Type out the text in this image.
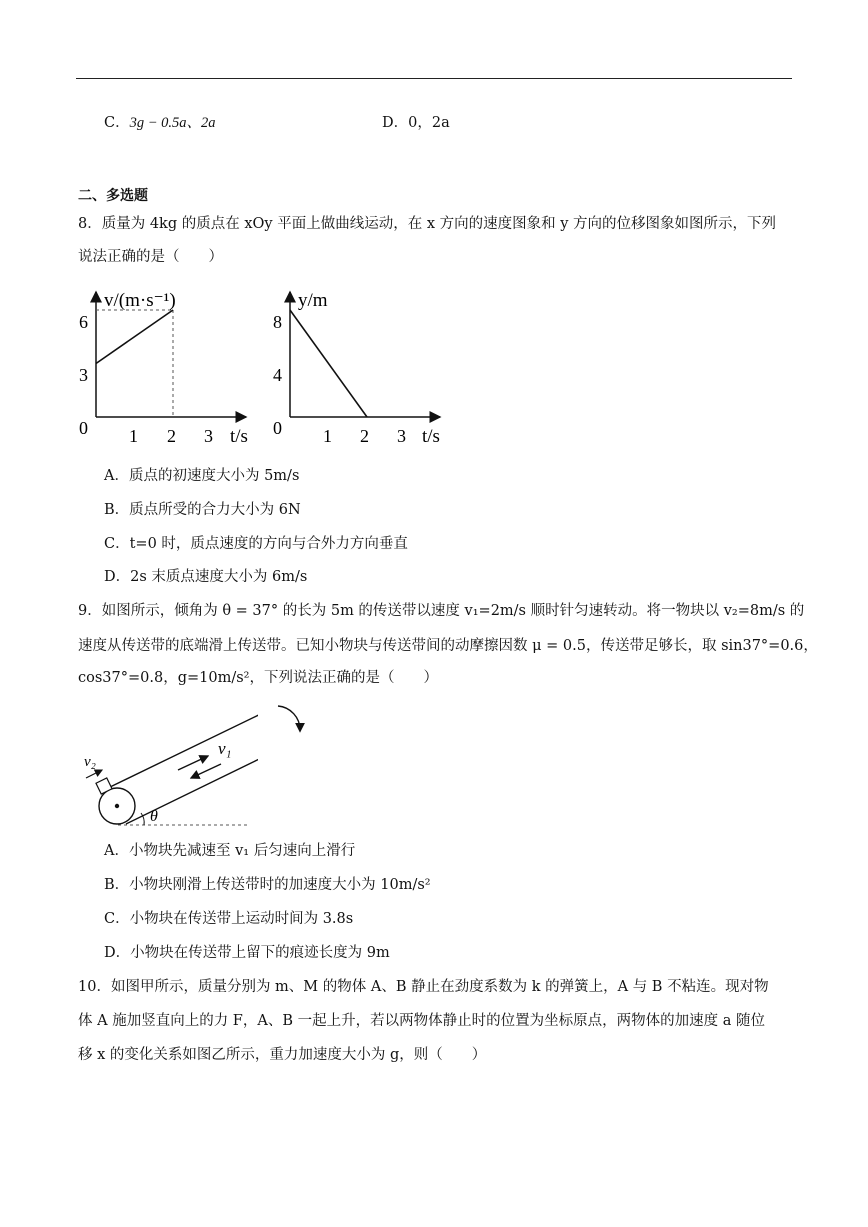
C．3g − 0.5a、2a	D．0，2a
二、多选题
8．质量为 4kg 的质点在 xOy 平面上做曲线运动，在 x 方向的速度图象和 y 方向的位移图象如图所示，下列
说法正确的是（　　）
v/(m·s⁻¹)
t/s
6
3
0 1 2 3
y/m
t/s
8
4
0 1 2 3
A．质点的初速度大小为 5m/s
B．质点所受的合力大小为 6N
C．t=0 时，质点速度的方向与合外力方向垂直
D．2s 末质点速度大小为 6m/s
9．如图所示，倾角为 θ = 37° 的长为 5m 的传送带以速度 v₁=2m/s 顺时针匀速转动。将一物块以 v₂=8m/s 的
速度从传送带的底端滑上传送带。已知小物块与传送带间的动摩擦因数 μ = 0.5，传送带足够长，取 sin37°=0.6，
cos37°=0.8，g=10m/s²，下列说法正确的是（　　）
v₂
v₁
θ
A．小物块先减速至 v₁ 后匀速向上滑行
B．小物块刚滑上传送带时的加速度大小为 10m/s²
C．小物块在传送带上运动时间为 3.8s
D．小物块在传送带上留下的痕迹长度为 9m
10．如图甲所示，质量分别为 m、M 的物体 A、B 静止在劲度系数为 k 的弹簧上，A 与 B 不粘连。现对物
体 A 施加竖直向上的力 F，A、B 一起上升，若以两物体静止时的位置为坐标原点，两物体的加速度 a 随位
移 x 的变化关系如图乙所示，重力加速度大小为 g，则（　　）
